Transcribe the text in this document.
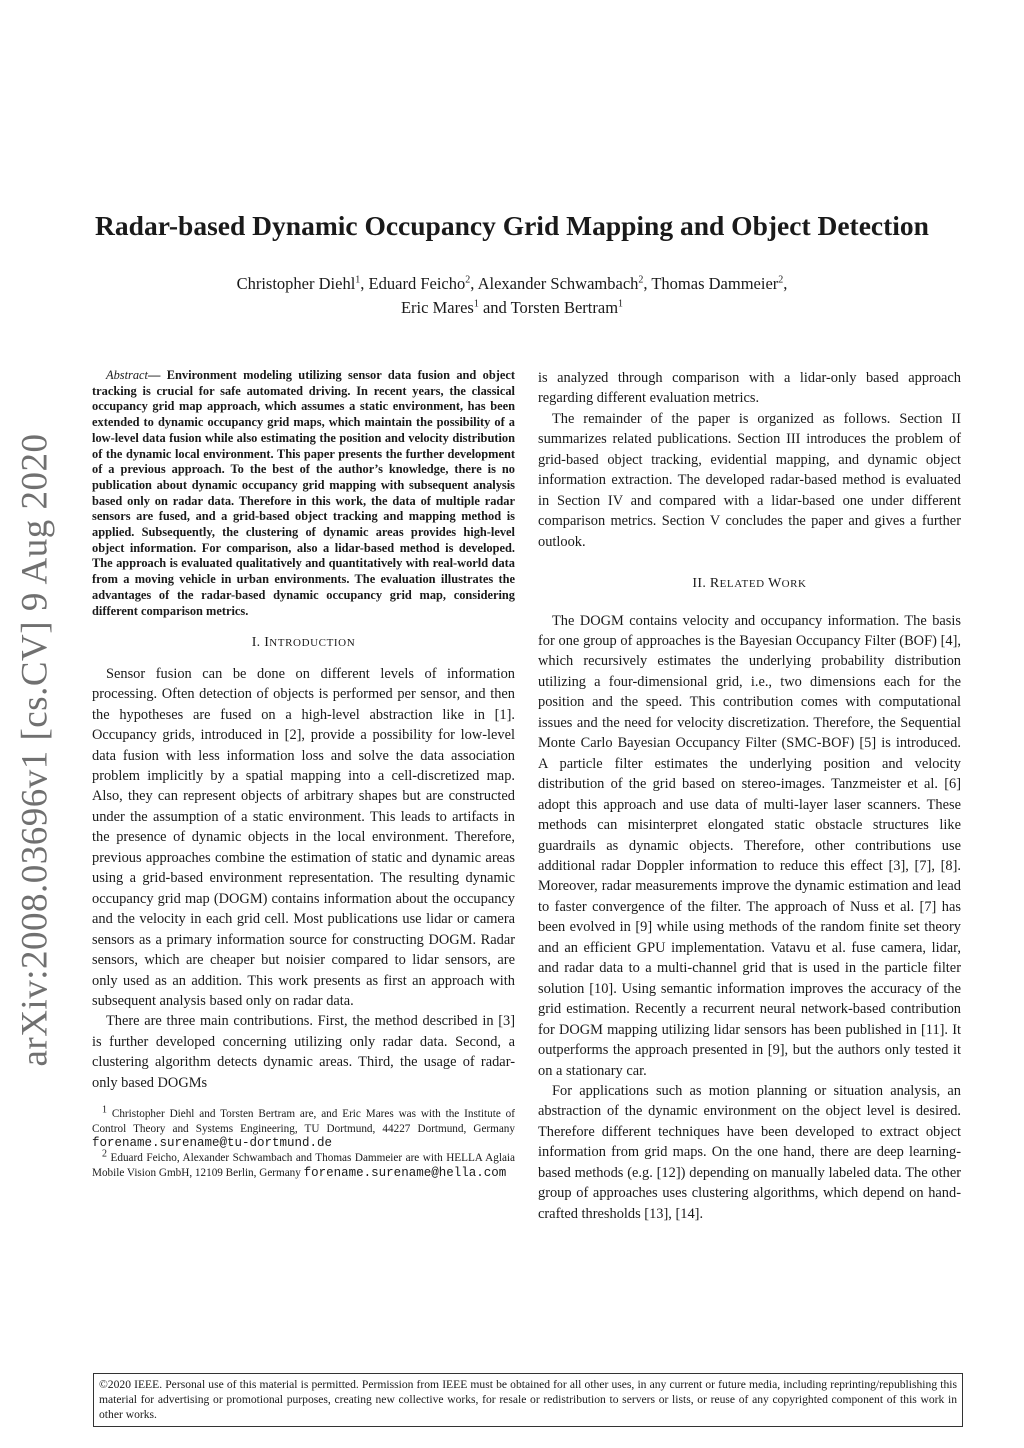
arXiv:2008.03696v1 [cs.CV] 9 Aug 2020
Radar-based Dynamic Occupancy Grid Mapping and Object Detection
Christopher Diehl$^1$, Eduard Feicho$^2$, Alexander Schwambach$^2$, Thomas Dammeier$^2$,
Eric Mares$^1$ and Torsten Bertram$^1$

Abstract— Environment modeling utilizing sensor data fusion and object tracking is crucial for safe automated driving. In recent years, the classical occupancy grid map approach, which assumes a static environment, has been extended to dynamic occupancy grid maps, which maintain the possibility of a low-level data fusion while also estimating the position and velocity distribution of the dynamic local environment. This paper presents the further development of a previous approach. To the best of the author’s knowledge, there is no publication about dynamic occupancy grid mapping with subsequent analysis based only on radar data. Therefore in this work, the data of multiple radar sensors are fused, and a grid-based object tracking and mapping method is applied. Subsequently, the clustering of dynamic areas provides high-level object information. For comparison, also a lidar-based method is developed. The approach is evaluated qualitatively and quantitatively with real-world data from a moving vehicle in urban environments. The evaluation illustrates the advantages of the radar-based dynamic occupancy grid map, considering different comparison metrics.

I. INTRODUCTION

Sensor fusion can be done on different levels of information processing. Often detection of objects is performed per sensor, and then the hypotheses are fused on a high-level abstraction like in [1]. Occupancy grids, introduced in [2], provide a possibility for low-level data fusion with less information loss and solve the data association problem implicitly by a spatial mapping into a cell-discretized map. Also, they can represent objects of arbitrary shapes but are constructed under the assumption of a static environment. This leads to artifacts in the presence of dynamic objects in the local environment. Therefore, previous approaches combine the estimation of static and dynamic areas using a grid-based environment representation. The resulting dynamic occupancy grid map (DOGM) contains information about the occupancy and the velocity in each grid cell. Most publications use lidar or camera sensors as a primary information source for constructing DOGM. Radar sensors, which are cheaper but noisier compared to lidar sensors, are only used as an addition. This work presents as first an approach with subsequent analysis based only on radar data.

There are three main contributions. First, the method described in [3] is further developed concerning utilizing only radar data. Second, a clustering algorithm detects dynamic areas. Third, the usage of radar-only based DOGMs

$^1$ Christopher Diehl and Torsten Bertram are, and Eric Mares was with the Institute of Control Theory and Systems Engineering, TU Dortmund, 44227 Dortmund, Germany forename.surename@tu-dortmund.de

$^2$ Eduard Feicho, Alexander Schwambach and Thomas Dammeier are with HELLA Aglaia Mobile Vision GmbH, 12109 Berlin, Germany forename.surename@hella.com

is analyzed through comparison with a lidar-only based approach regarding different evaluation metrics.

The remainder of the paper is organized as follows. Section II summarizes related publications. Section III introduces the problem of grid-based object tracking, evidential mapping, and dynamic object information extraction. The developed radar-based method is evaluated in Section IV and compared with a lidar-based one under different comparison metrics. Section V concludes the paper and gives a further outlook.

II. RELATED WORK

The DOGM contains velocity and occupancy information. The basis for one group of approaches is the Bayesian Occupancy Filter (BOF) [4], which recursively estimates the underlying probability distribution utilizing a four-dimensional grid, i.e., two dimensions each for the position and the speed. This contribution comes with computational issues and the need for velocity discretization. Therefore, the Sequential Monte Carlo Bayesian Occupancy Filter (SMC-BOF) [5] is introduced. A particle filter estimates the underlying position and velocity distribution of the grid based on stereo-images. Tanzmeister et al. [6] adopt this approach and use data of multi-layer laser scanners. These methods can misinterpret elongated static obstacle structures like guardrails as dynamic objects. Therefore, other contributions use additional radar Doppler information to reduce this effect [3], [7], [8]. Moreover, radar measurements improve the dynamic estimation and lead to faster convergence of the filter. The approach of Nuss et al. [7] has been evolved in [9] while using methods of the random finite set theory and an efficient GPU implementation. Vatavu et al. fuse camera, lidar, and radar data to a multi-channel grid that is used in the particle filter solution [10]. Using semantic information improves the accuracy of the grid estimation. Recently a recurrent neural network-based contribution for DOGM mapping utilizing lidar sensors has been published in [11]. It outperforms the approach presented in [9], but the authors only tested it on a stationary car.

For applications such as motion planning or situation analysis, an abstraction of the dynamic environment on the object level is desired. Therefore different techniques have been developed to extract object information from grid maps. On the one hand, there are deep learning-based methods (e.g. [12]) depending on manually labeled data. The other group of approaches uses clustering algorithms, which depend on hand-crafted thresholds [13], [14].

©2020 IEEE. Personal use of this material is permitted. Permission from IEEE must be obtained for all other uses, in any current or future media, including reprinting/republishing this material for advertising or promotional purposes, creating new collective works, for resale or redistribution to servers or lists, or reuse of any copyrighted component of this work in other works.
